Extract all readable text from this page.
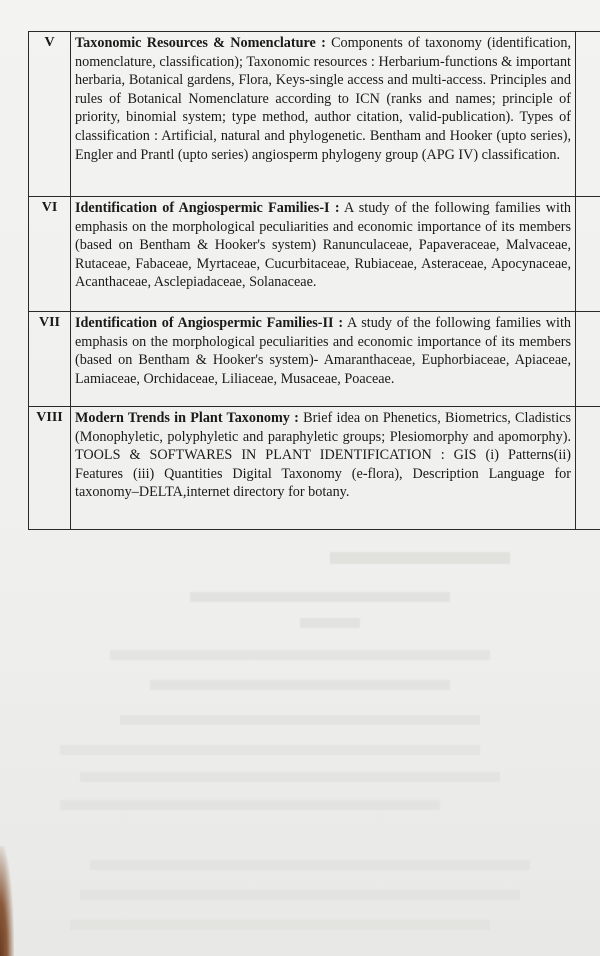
V	Taxonomic Resources & Nomenclature : Components of taxonomy (identification, nomenclature, classification); Taxonomic resources : Herbarium-functions & important herbaria, Botanical gardens, Flora, Keys-single access and multi-access. Principles and rules of Botanical Nomenclature according to ICN (ranks and names; principle of priority, binomial system; type method, author citation, valid-publication). Types of classification : Artificial, natural and phylogenetic. Bentham and Hooker (upto series), Engler and Prantl (upto series) angiosperm phylogeny group (APG IV) classification.	
VI	Identification of Angiospermic Families-I : A study of the following families with emphasis on the morphological peculiarities and economic importance of its members (based on Bentham & Hooker's system) Ranunculaceae, Papaveraceae, Malvaceae, Rutaceae, Fabaceae, Myrtaceae, Cucurbitaceae, Rubiaceae, Asteraceae, Apocynaceae, Acanthaceae, Asclepiadaceae, Solanaceae.	
VII	Identification of Angiospermic Families-II : A study of the following families with emphasis on the morphological peculiarities and economic importance of its members (based on Bentham & Hooker's system)- Amaranthaceae, Euphorbiaceae, Apiaceae, Lamiaceae, Orchidaceae, Liliaceae, Musaceae, Poaceae.	
VIII	Modern Trends in Plant Taxonomy : Brief idea on Phenetics, Biometrics, Cladistics (Monophyletic, polyphyletic and paraphyletic groups; Plesiomorphy and apomorphy). TOOLS & SOFTWARES IN PLANT IDENTIFICATION : GIS (i) Patterns(ii) Features (iii) Quantities Digital Taxonomy (e-flora), Description Language for taxonomy–DELTA,internet directory for botany.	
